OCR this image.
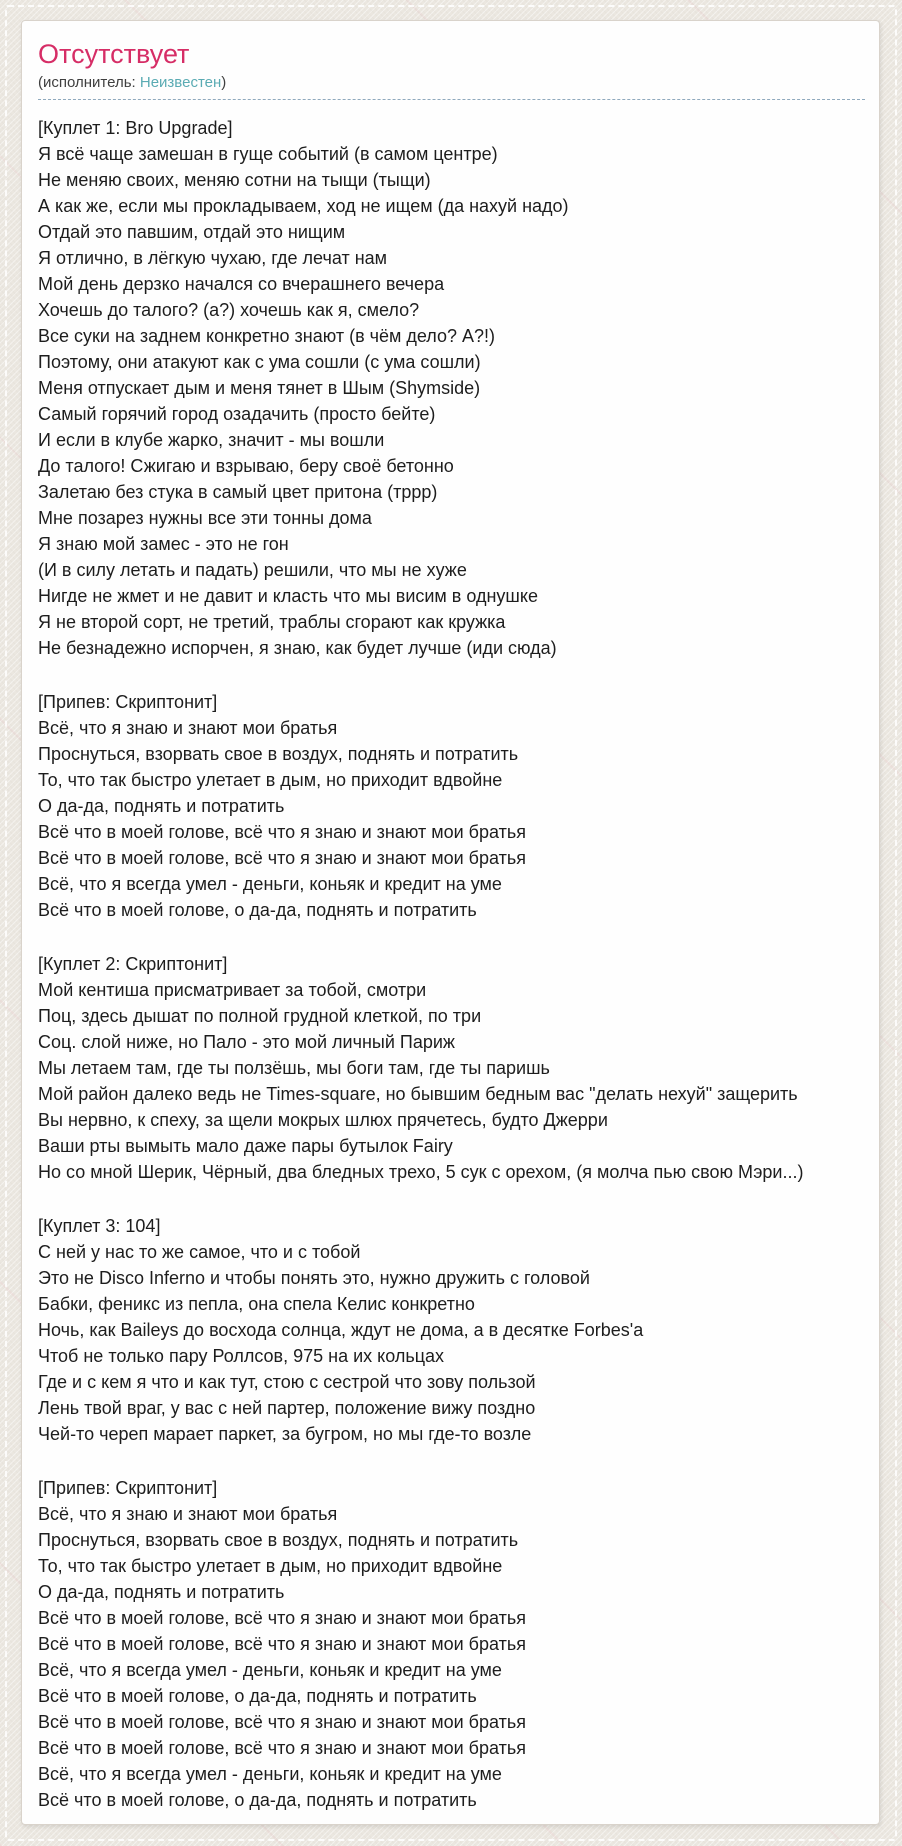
Отсутствует
(исполнитель: Неизвестен)
[Куплет 1: Bro Upgrade]
Я всё чаще замешан в гуще событий (в самом центре)
Не меняю своих, меняю сотни на тыщи (тыщи)
А как же, если мы прокладываем, ход не ищем (да нахуй надо)
Отдай это павшим, отдай это нищим
Я отлично, в лёгкую чухаю, где лечат нам
Мой день дерзко начался со вчерашнего вечера
Хочешь до талого? (а?) хочешь как я, смело?
Все суки на заднем конкретно знают (в чём дело? А?!)
Поэтому, они атакуют как с ума сошли (с ума сошли)
Меня отпускает дым и меня тянет в Шым (Shymside)
Самый горячий город озадачить (просто бейте)
И если в клубе жарко, значит - мы вошли
До талого! Сжигаю и взрываю, беру своё бетонно
Залетаю без стука в самый цвет притона (тррр)
Мне позарез нужны все эти тонны дома
Я знаю мой замес - это не гон
(И в силу летать и падать) решили, что мы не хуже
Нигде не жмет и не давит и класть что мы висим в однушке
Я не второй сорт, не третий, траблы сгорают как кружка
Не безнадежно испорчен, я знаю, как будет лучше (иди сюда)
[Припев: Скриптонит]
Всё, что я знаю и знают мои братья
Проснуться, взорвать свое в воздух, поднять и потратить
То, что так быстро улетает в дым, но приходит вдвойне
О да-да, поднять и потратить
Всё что в моей голове, всё что я знаю и знают мои братья
Всё что в моей голове, всё что я знаю и знают мои братья
Всё, что я всегда умел - деньги, коньяк и кредит на уме
Всё что в моей голове, о да-да, поднять и потратить
[Куплет 2: Скриптонит]
Мой кентиша присматривает за тобой, смотри
Поц, здесь дышат по полной грудной клеткой, по три
Соц. слой ниже, но Пало - это мой личный Париж
Мы летаем там, где ты ползёшь, мы боги там, где ты паришь
Мой район далеко ведь не Times-square, но бывшим бедным вас "делать нехуй" защерить
Вы нервно, к спеху, за щели мокрых шлюх прячетесь, будто Джерри
Ваши рты вымыть мало даже пары бутылок Fairy
Но со мной Шерик, Чёрный, два бледных трехо, 5 сук с орехом, (я молча пью свою Мэри...)
[Куплет 3: 104]
С ней у нас то же самое, что и с тобой
Это не Disco Inferno и чтобы понять это, нужно дружить с головой
Бабки, феникс из пепла, она спела Келис конкретно
Ночь, как Baileys до восхода солнца, ждут не дома, а в десятке Forbes'a
Чтоб не только пару Роллсов, 975 на их кольцах
Где и с кем я что и как тут, стою с сестрой что зову пользой
Лень твой враг, у вас с ней партер, положение вижу поздно
Чей-то череп марает паркет, за бугром, но мы где-то возле
[Припев: Скриптонит]
Всё, что я знаю и знают мои братья
Проснуться, взорвать свое в воздух, поднять и потратить
То, что так быстро улетает в дым, но приходит вдвойне
О да-да, поднять и потратить
Всё что в моей голове, всё что я знаю и знают мои братья
Всё что в моей голове, всё что я знаю и знают мои братья
Всё, что я всегда умел - деньги, коньяк и кредит на уме
Всё что в моей голове, о да-да, поднять и потратить
Всё что в моей голове, всё что я знаю и знают мои братья
Всё что в моей голове, всё что я знаю и знают мои братья
Всё, что я всегда умел - деньги, коньяк и кредит на уме
Всё что в моей голове, о да-да, поднять и потратить
